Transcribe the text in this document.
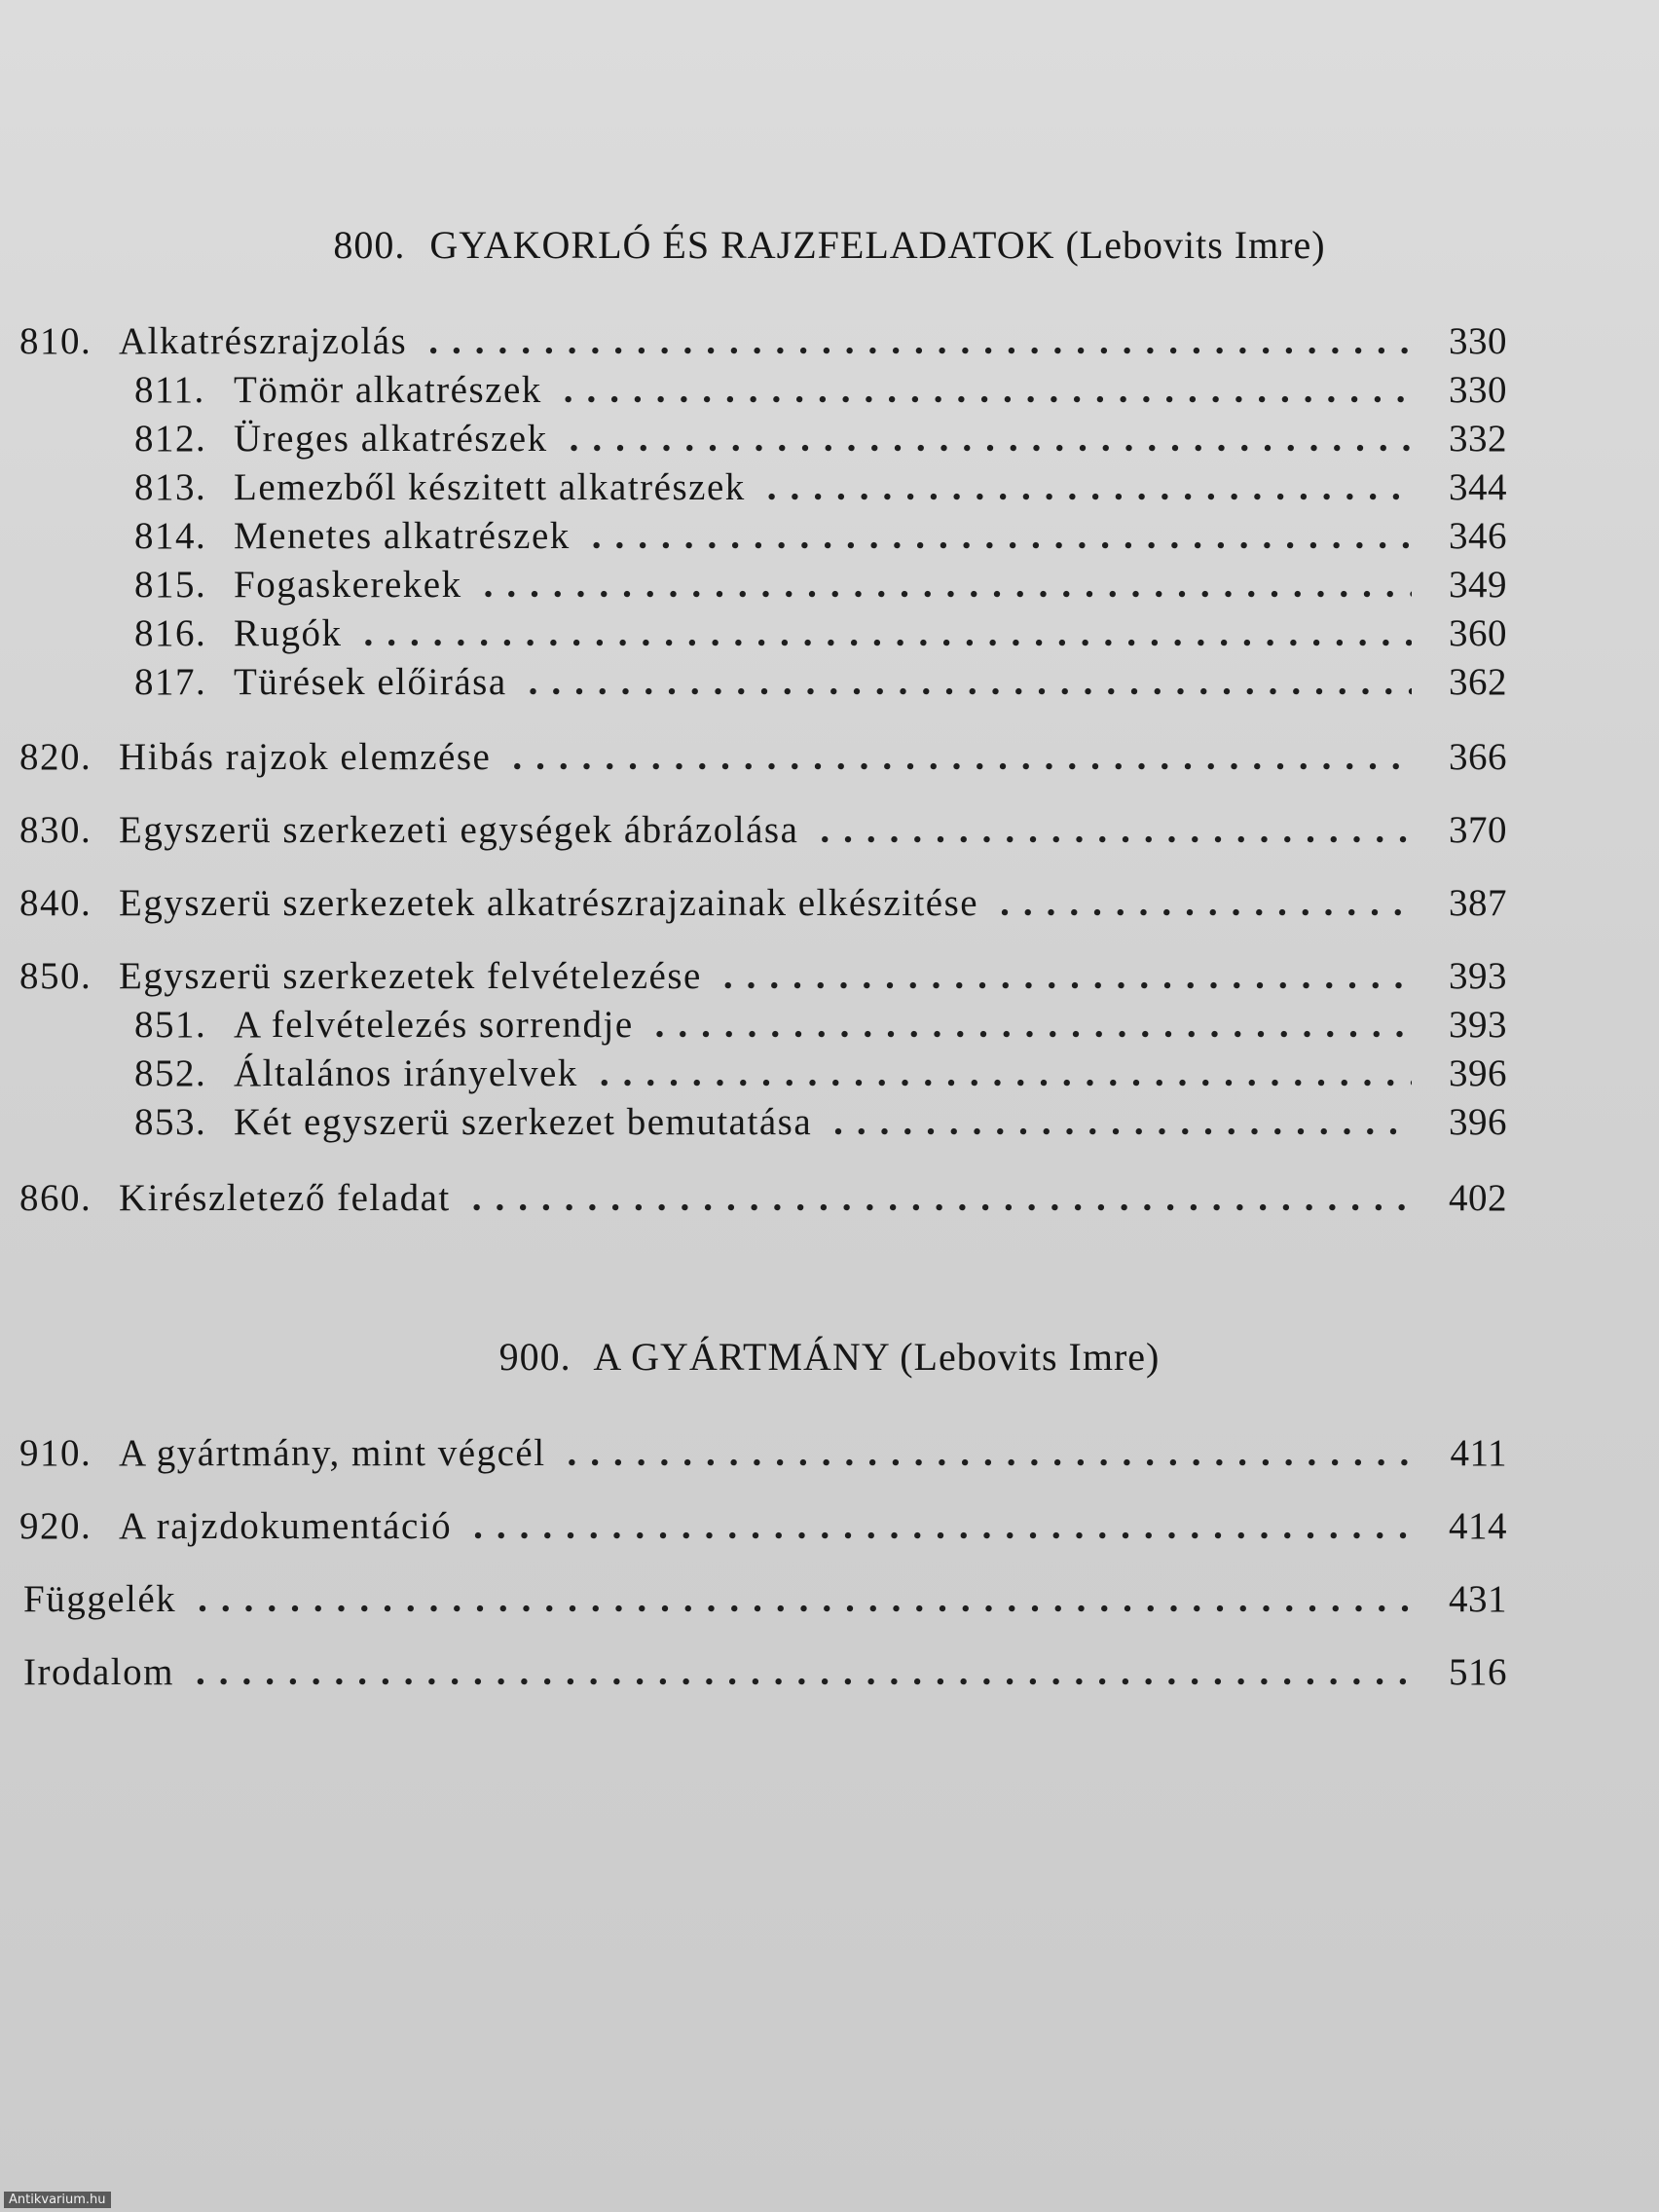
800. GYAKORLÓ ÉS RAJZFELADATOK (Lebovits Imre)
810. Alkatrészrajzolás .....	330
811. Tömör alkatrészek .....	330
812. Üreges alkatrészek .....	332
813. Lemezből készitett alkatrészek .....	344
814. Menetes alkatrészek .....	346
815. Fogaskerekek .....	349
816. Rugók .....	360
817. Türések előirása .....	362
820. Hibás rajzok elemzése .....	366
830. Egyszerü szerkezeti egységek ábrázolása .....	370
840. Egyszerü szerkezetek alkatrészrajzainak elkészitése .....	387
850. Egyszerü szerkezetek felvételezése .....	393
851. A felvételezés sorrendje .....	393
852. Általános irányelvek .....	396
853. Két egyszerü szerkezet bemutatása .....	396
860. Kirészletező feladat .....	402
900. A GYÁRTMÁNY (Lebovits Imre)
910. A gyártmány, mint végcél .....	411
920. A rajzdokumentáció .....	414
Függelék .....	431
Irodalom .....	516
Antikvarium.hu
